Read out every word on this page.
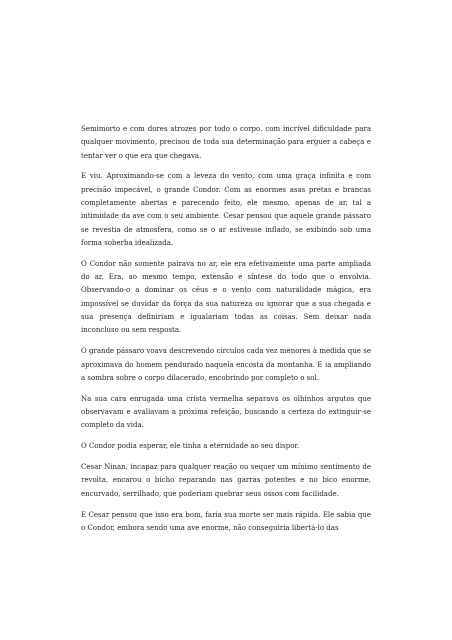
Semimorto e com dores atrozes por todo o corpo, com incrível dificuldade para qualquer movimento, precisou de toda sua determinação para erguer a cabeça e tentar ver o que era que chegava.

E viu. Aproximando-se com a leveza do vento, com uma graça infinita e com precisão impecável, o grande Condor. Com as enormes asas pretas e brancas completamente abertas e parecendo feito, ele mesmo, apenas de ar, tal a intimidade da ave com o seu ambiente. Cesar pensou que aquele grande pássaro se revestia de atmosfera, como se o ar estivesse inflado, se exibindo sob uma forma soberba idealizada.

O Condor não somente pairava no ar, ele era efetivamente uma parte ampliada do ar. Era, ao mesmo tempo, extensão e síntese do todo que o envolvia. Observando-o a dominar os céus e o vento com naturalidade mágica, era impossível se duvidar da força da sua natureza ou ignorar que a sua chegada e sua presença definiriam e igualariam todas as coisas. Sem deixar nada inconcluso ou sem resposta.

O grande pássaro voava descrevendo círculos cada vez menores à medida que se aproximava do homem pendurado naquela encosta da montanha. E ia ampliando a sombra sobre o corpo dilacerado, encobrindo por completo o sol.

Na sua cara enrugada uma crista vermelha separava os olhinhos argutos que observavam e avaliavam a próxima refeição, buscando a certeza do extinguir-se completo da vida.

O Condor podia esperar, ele tinha a eternidade ao seu dispor.

Cesar Ninan, incapaz para qualquer reação ou sequer um mínimo sentimento de revolta, encarou o bicho reparando nas garras potentes e no bico enorme, encurvado, serrilhado, que poderiam quebrar seus ossos com facilidade.

E Cesar pensou que isso era bom, faria sua morte ser mais rápida. Ele sabia que o Condor, embora sendo uma ave enorme, não conseguiria libertá-lo das
